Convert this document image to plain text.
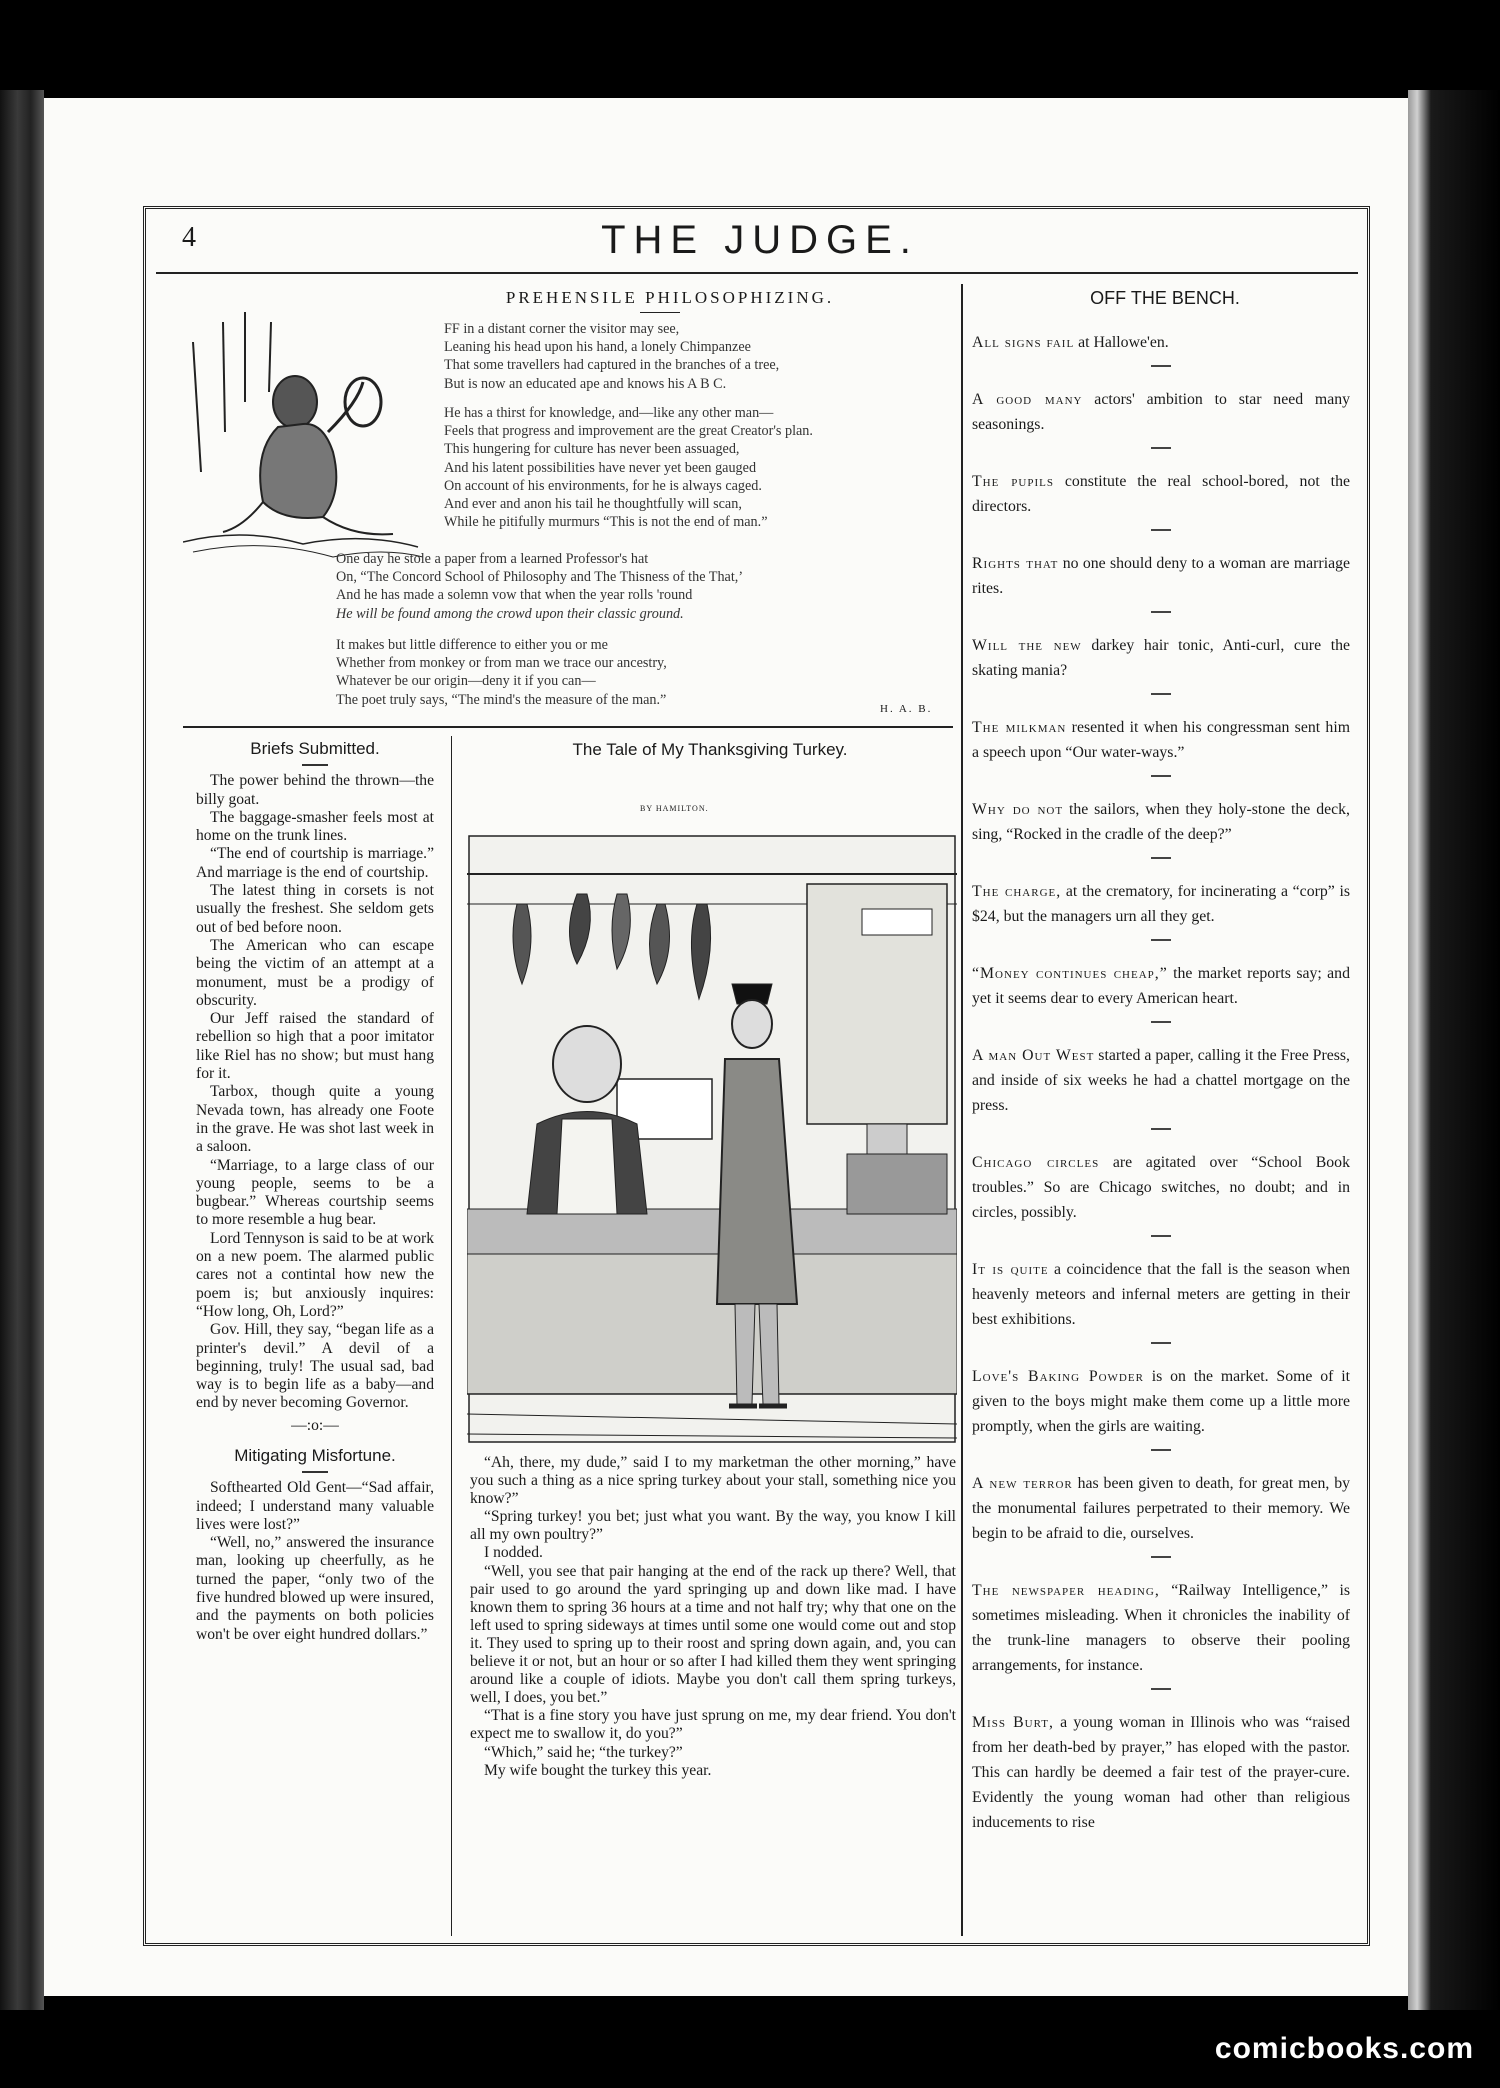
4	THE JUDGE.
PREHENSILE PHILOSOPHIZING.
FF in a distant corner the visitor may see,
Leaning his head upon his hand, a lonely Chimpanzee
That some travellers had captured in the branches of a tree,
But is now an educated ape and knows his A B C.
He has a thirst for knowledge, and—like any other man—
Feels that progress and improvement are the great Creator's plan.
This hungering for culture has never been assuaged,
And his latent possibilities have never yet been gauged
On account of his environments, for he is always caged.
And ever and anon his tail he thoughtfully will scan,
While he pitifully murmurs “This is not the end of man.”
One day he stole a paper from a learned Professor's hat
On, “The Concord School of Philosophy and The Thisness of the That,’
And he has made a solemn vow that when the year rolls 'round
He will be found among the crowd upon their classic ground.
It makes but little difference to either you or me
Whether from monkey or from man we trace our ancestry,
Whatever be our origin—deny it if you can—
The poet truly says, “The mind's the measure of the man.”
H. A. B.
Briefs Submitted.

The power behind the thrown—the billy goat.

The baggage-smasher feels most at home on the trunk lines.

“The end of courtship is marriage.” And marriage is the end of courtship.

The latest thing in corsets is not usually the freshest. She seldom gets out of bed before noon.

The American who can escape being the victim of an attempt at a monument, must be a prodigy of obscurity.

Our Jeff raised the standard of rebellion so high that a poor imitator like Riel has no show; but must hang for it.

Tarbox, though quite a young Nevada town, has already one Foote in the grave. He was shot last week in a saloon.

“Marriage, to a large class of our young people, seems to be a bugbear.” Whereas courtship seems to more resemble a hug bear.

Lord Tennyson is said to be at work on a new poem. The alarmed public cares not a contintal how new the poem is; but anxiously inquires: “How long, Oh, Lord?”

Gov. Hill, they say, “began life as a printer's devil.” A devil of a beginning, truly! The usual sad, bad way is to begin life as a baby—and end by never becoming Governor.

—:o:—
Mitigating Misfortune.

Softhearted Old Gent—“Sad affair, indeed; I understand many valuable lives were lost?”

“Well, no,” answered the insurance man, looking up cheerfully, as he turned the paper, “only two of the five hundred blowed up were insured, and the payments on both policies won't be over eight hundred dollars.”

The Tale of My Thanksgiving Turkey.
BY HAMILTON.

“Ah, there, my dude,” said I to my marketman the other morning,” have you such a thing as a nice spring turkey about your stall, something nice you know?”

“Spring turkey! you bet; just what you want. By the way, you know I kill all my own poultry?”

I nodded.

“Well, you see that pair hanging at the end of the rack up there? Well, that pair used to go around the yard springing up and down like mad. I have known them to spring 36 hours at a time and not half try; why that one on the left used to spring sideways at times until some one would come out and stop it. They used to spring up to their roost and spring down again, and, you can believe it or not, but an hour or so after I had killed them they went springing around like a couple of idiots. Maybe you don't call them spring turkeys, well, I does, you bet.”

“That is a fine story you have just sprung on me, my dear friend. You don't expect me to swallow it, do you?”

“Which,” said he; “the turkey?”

My wife bought the turkey this year.

OFF THE BENCH.

All signs fail at Hallowe'en.

A good many actors' ambition to star need many seasonings.

The pupils constitute the real school-bored, not the directors.

Rights that no one should deny to a woman are marriage rites.

Will the new darkey hair tonic, Anti-curl, cure the skating mania?

The milkman resented it when his congressman sent him a speech upon “Our water-ways.”

Why do not the sailors, when they holy-stone the deck, sing, “Rocked in the cradle of the deep?”

The charge, at the crematory, for incinerating a “corp” is $24, but the managers urn all they get.

“Money continues cheap,” the market reports say; and yet it seems dear to every American heart.

A man Out West started a paper, calling it the Free Press, and inside of six weeks he had a chattel mortgage on the press.

Chicago circles are agitated over “School Book troubles.” So are Chicago switches, no doubt; and in circles, possibly.

It is quite a coincidence that the fall is the season when heavenly meteors and infernal meters are getting in their best exhibitions.

Love's Baking Powder is on the market. Some of it given to the boys might make them come up a little more promptly, when the girls are waiting.

A new terror has been given to death, for great men, by the monumental failures perpetrated to their memory. We begin to be afraid to die, ourselves.

The newspaper heading, “Railway Intelligence,” is sometimes misleading. When it chronicles the inability of the trunk-line managers to observe their pooling arrangements, for instance.

Miss Burt, a young woman in Illinois who was “raised from her death-bed by prayer,” has eloped with the pastor. This can hardly be deemed a fair test of the prayer-cure. Evidently the young woman had other than religious inducements to rise

comicbooks.com
